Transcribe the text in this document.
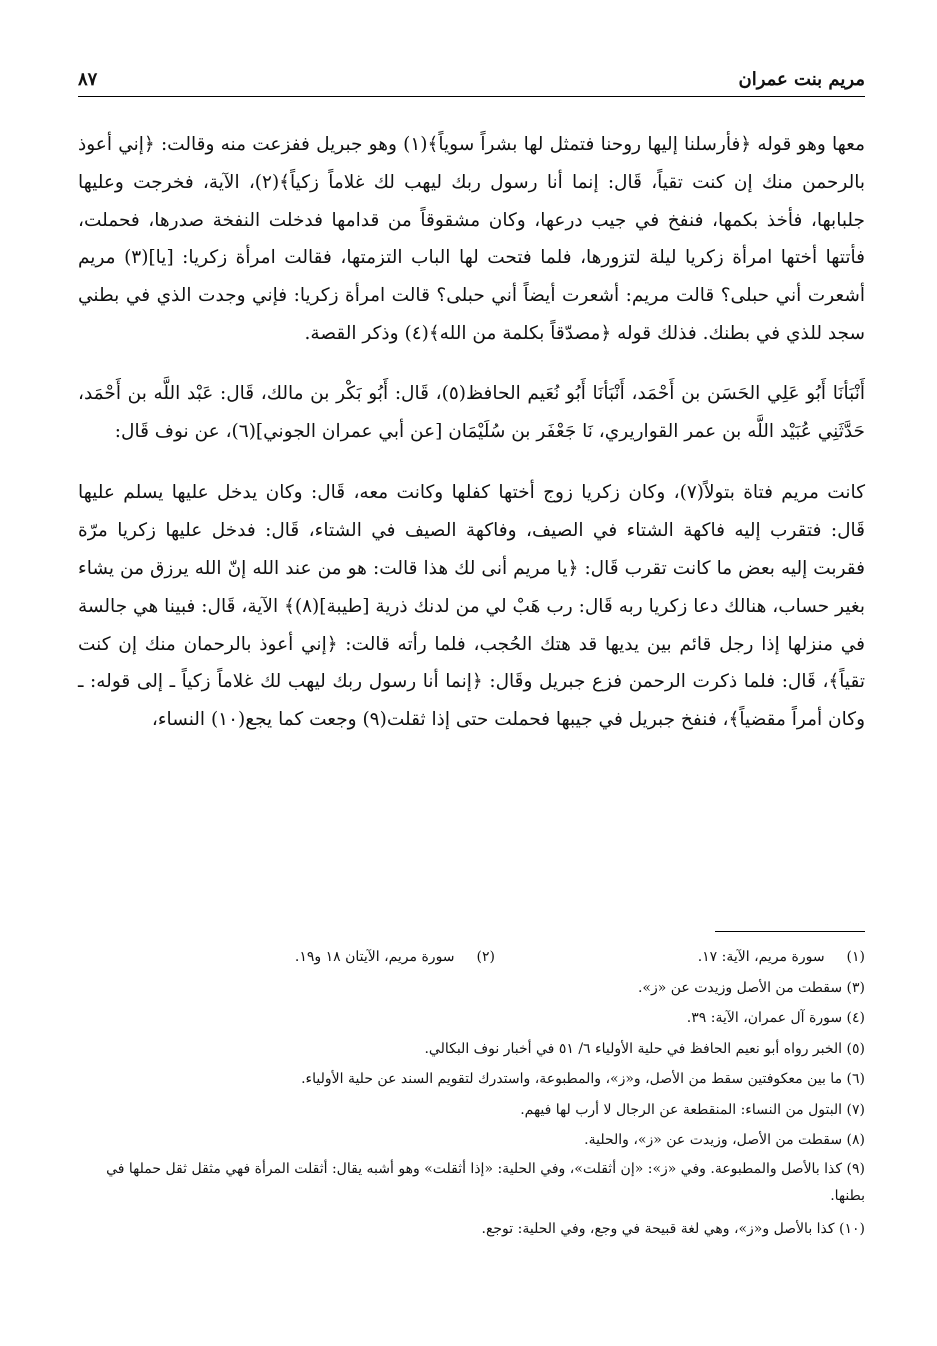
مريم بنت عمران
٨٧

معها وهو قوله ﴿فأرسلنا إليها روحنا فتمثل لها بشراً سوياً﴾(١) وهو جبريل ففزعت منه وقالت: ﴿إني أعوذ بالرحمن منك إن كنت تقياً، قَال: إنما أنا رسول ربك ليهب لك غلاماً زكياً﴾(٢)، الآية، فخرجت وعليها جلبابها، فأخذ بكمها، فنفخ في جيب درعها، وكان مشقوقاً من قدامها فدخلت النفخة صدرها، فحملت، فأتتها أختها امرأة زكريا ليلة لتزورها، فلما فتحت لها الباب التزمتها، فقالت امرأة زكريا: [يا](٣) مريم أشعرت أني حبلى؟ قالت مريم: أشعرت أيضاً أني حبلى؟ قالت امرأة زكريا: فإني وجدت الذي في بطني سجد للذي في بطنك. فذلك قوله ﴿مصدّقاً بكلمة من الله﴾(٤) وذكر القصة.

أَنْبَأنَا أَبُو عَلِي الحَسَن بن أَحْمَد، أَنْبَأنَا أَبُو نُعَيم الحافظ(٥)، قَال: أَبُو بَكْر بن مالك، قَال: عَبْد اللَّه بن أَحْمَد، حَدَّثَنِي عُبَيْد اللَّه بن عمر القواريري، نَا جَعْفَر بن سُلَيْمَان [عن أبي عمران الجوني](٦)، عن نوف قَال:

كانت مريم فتاة بتولاً(٧)، وكان زكريا زوج أختها كفلها وكانت معه، قَال: وكان يدخل عليها يسلم عليها قَال: فتقرب إليه فاكهة الشتاء في الصيف، وفاكهة الصيف في الشتاء، قَال: فدخل عليها زكريا مرّة فقربت إليه بعض ما كانت تقرب قَال: ﴿يا مريم أنى لك هذا قالت: هو من عند الله إنّ الله يرزق من يشاء بغير حساب، هنالك دعا زكريا ربه قَال: رب هَبْ لي من لدنك ذرية [طيبة](٨)﴾ الآية، قَال: فبينا هي جالسة في منزلها إذا رجل قائم بين يديها قد هتك الحُجب، فلما رأته قالت: ﴿إني أعوذ بالرحمان منك إن كنت تقياً﴾، قَال: فلما ذكرت الرحمن فزع جبريل وقَال: ﴿إنما أنا رسول ربك ليهب لك غلاماً زكياً ـ إلى قوله: ـ وكان أمراً مقضياً﴾، فنفخ جبريل في جيبها فحملت حتى إذا ثقلت(٩) وجعت كما يجع(١٠) النساء،

(١) سورة مريم، الآية: ١٧.
(٢) سورة مريم، الآيتان ١٨ و١٩.
(٣) سقطت من الأصل وزيدت عن «ز».
(٤) سورة آل عمران، الآية: ٣٩.
(٥) الخبر رواه أبو نعيم الحافظ في حلية الأولياء ٦/ ٥١ في أخبار نوف البكالي.
(٦) ما بين معكوفتين سقط من الأصل، و«ز»، والمطبوعة، واستدرك لتقويم السند عن حلية الأولياء.
(٧) البتول من النساء: المنقطعة عن الرجال لا أرب لها فيهم.
(٨) سقطت من الأصل، وزيدت عن «ز»، والحلية.
(٩) كذا بالأصل والمطبوعة. وفي «ز»: «إن أثقلت»، وفي الحلية: «إذا أثقلت» وهو أشبه يقال: أثقلت المرأة فهي مثقل ثقل حملها في بطنها.
(١٠) كذا بالأصل و«ز»، وهي لغة قبيحة في وجع، وفي الحلية: توجع.
